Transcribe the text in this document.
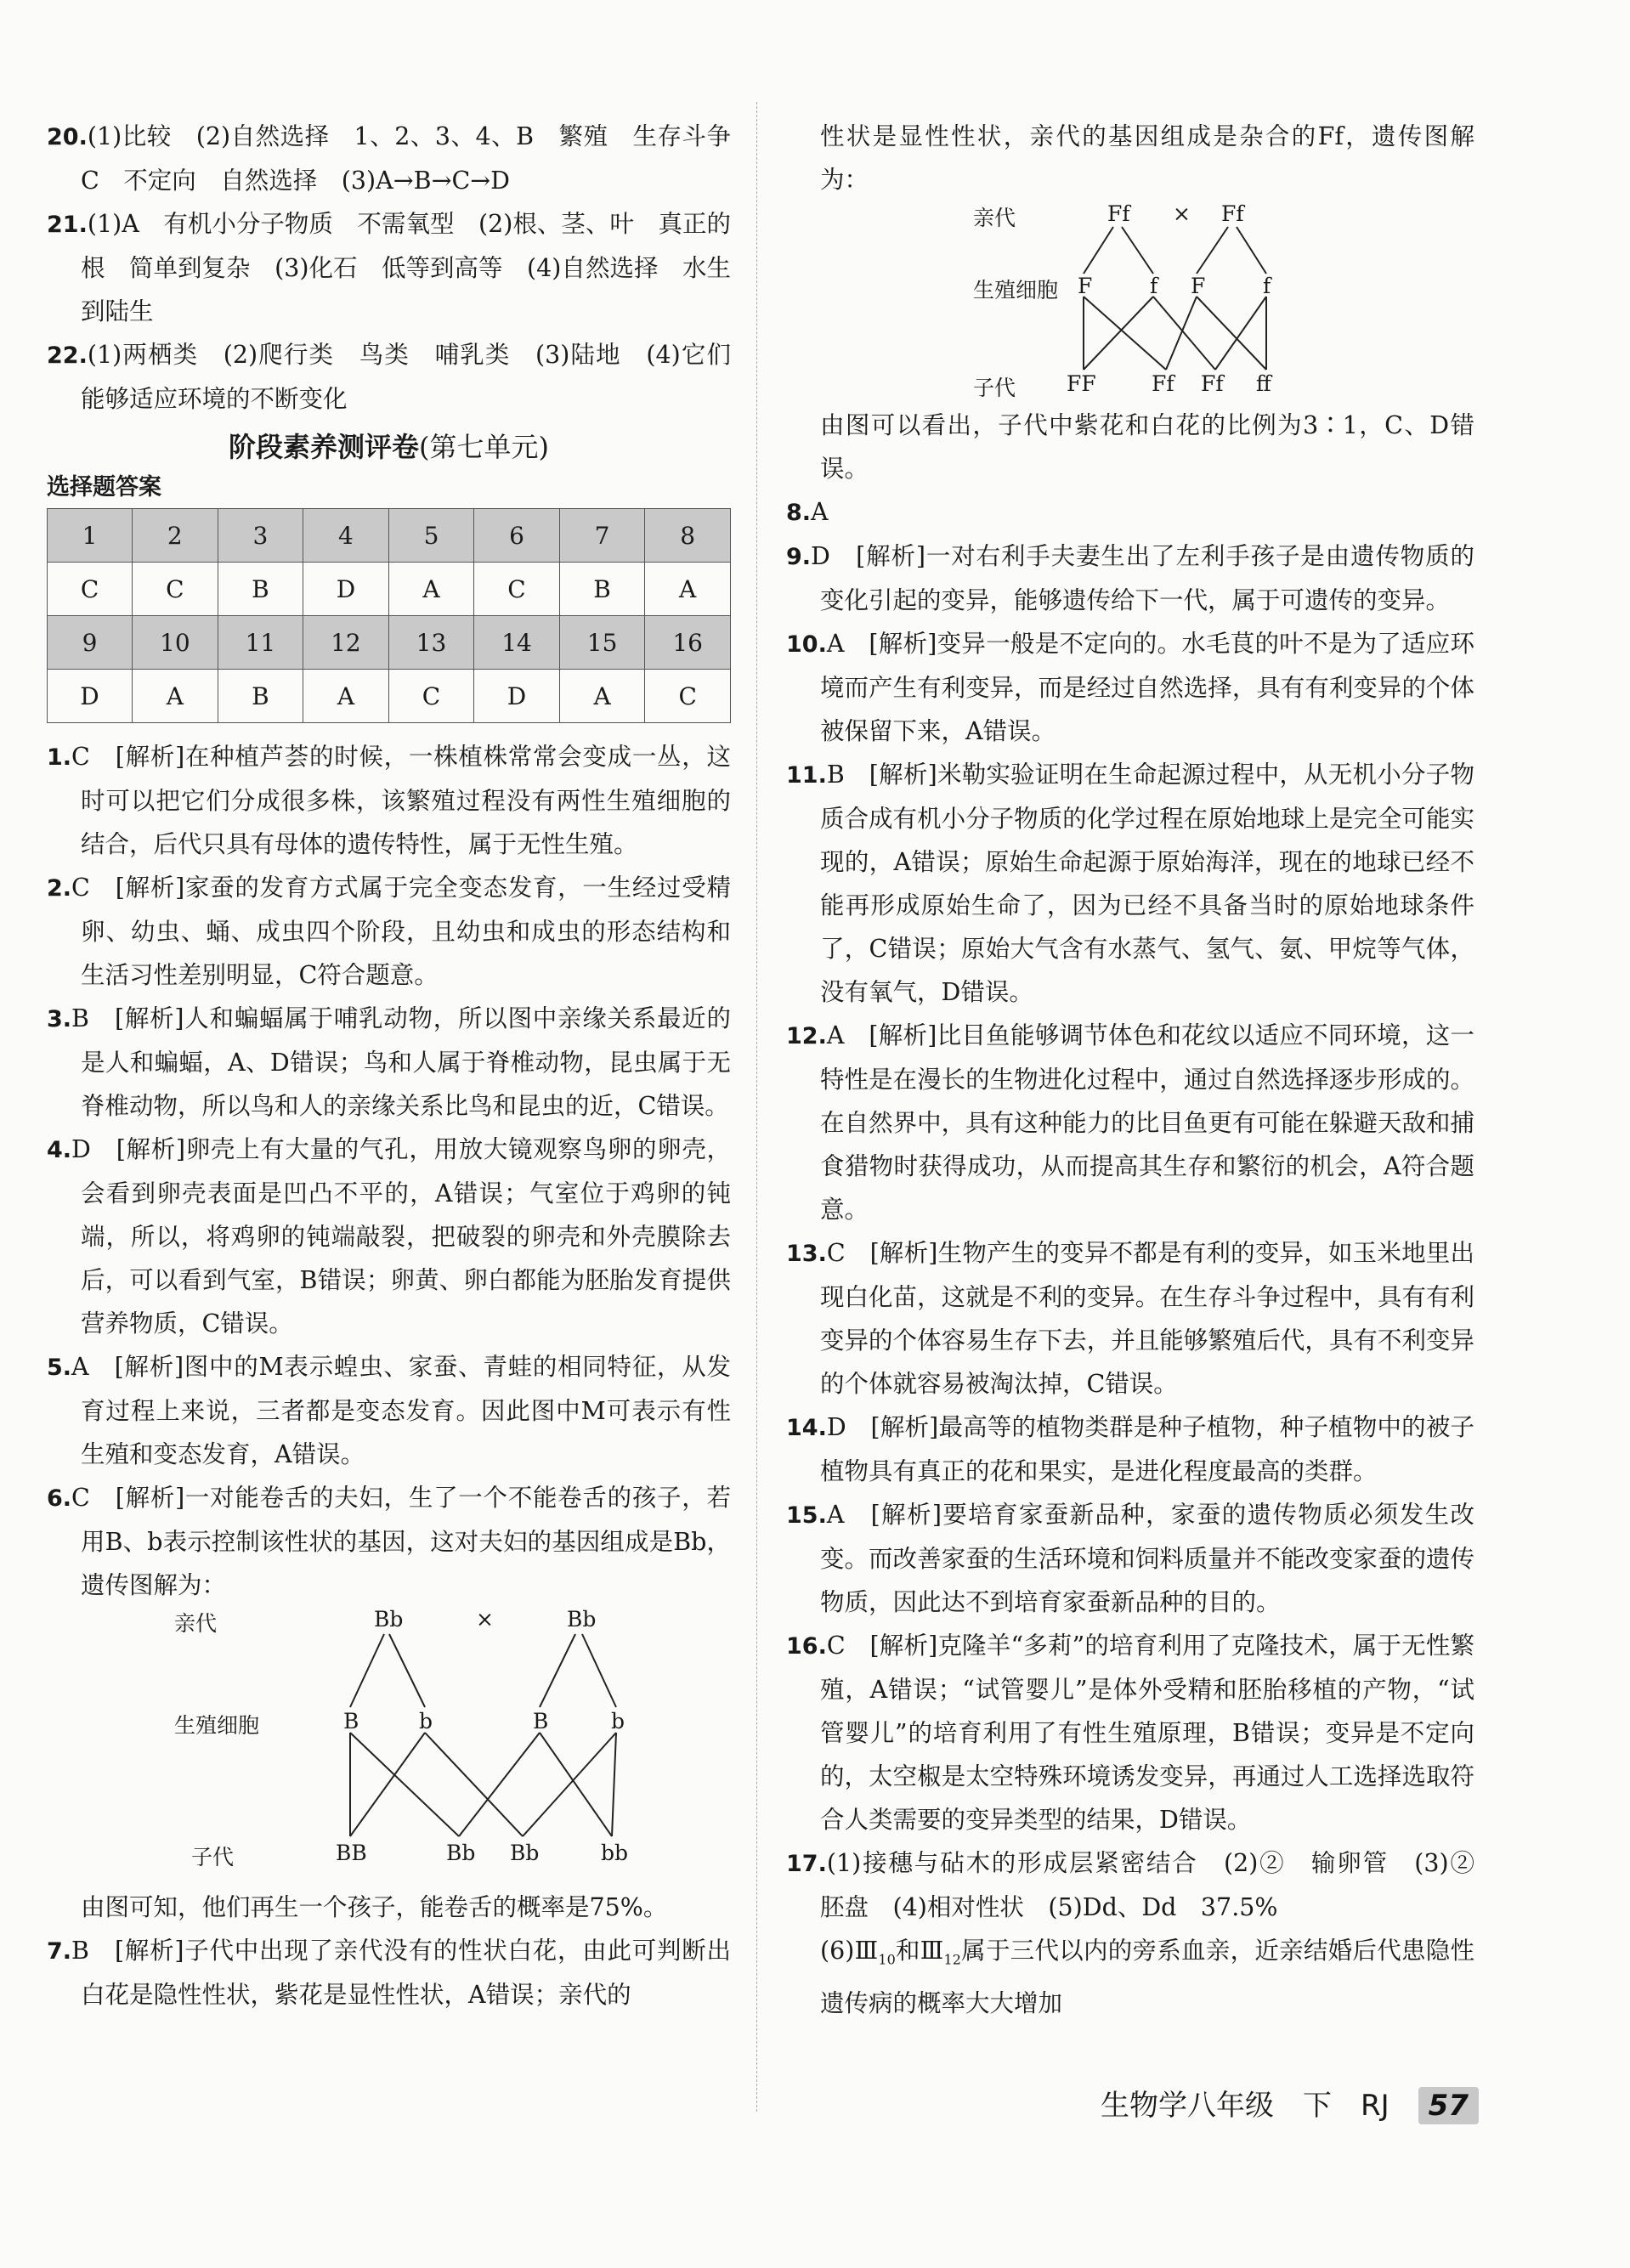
20.(1)比较　(2)自然选择　1、2、3、4、B　繁殖　生存斗争　C　不定向　自然选择　(3)A→B→C→D

21.(1)A　有机小分子物质　不需氧型　(2)根、茎、叶　真正的根　简单到复杂　(3)化石　低等到高等　(4)自然选择　水生到陆生

22.(1)两栖类　(2)爬行类　鸟类　哺乳类　(3)陆地　(4)它们能够适应环境的不断变化

阶段素养测评卷(第七单元)
选择题答案
1	2	3	4	5	6	7	8
C	C	B	D	A	C	B	A
9	10	11	12	13	14	15	16
D	A	B	A	C	D	A	C

1.C　[解析]在种植芦荟的时候，一株植株常常会变成一丛，这时可以把它们分成很多株，该繁殖过程没有两性生殖细胞的结合，后代只具有母体的遗传特性，属于无性生殖。

2.C　[解析]家蚕的发育方式属于完全变态发育，一生经过受精卵、幼虫、蛹、成虫四个阶段，且幼虫和成虫的形态结构和生活习性差别明显，C符合题意。

3.B　[解析]人和蝙蝠属于哺乳动物，所以图中亲缘关系最近的是人和蝙蝠，A、D错误；鸟和人属于脊椎动物，昆虫属于无脊椎动物，所以鸟和人的亲缘关系比鸟和昆虫的近，C错误。

4.D　[解析]卵壳上有大量的气孔，用放大镜观察鸟卵的卵壳，会看到卵壳表面是凹凸不平的，A错误；气室位于鸡卵的钝端，所以，将鸡卵的钝端敲裂，把破裂的卵壳和外壳膜除去后，可以看到气室，B错误；卵黄、卵白都能为胚胎发育提供营养物质，C错误。

5.A　[解析]图中的M表示蝗虫、家蚕、青蛙的相同特征，从发育过程上来说，三者都是变态发育。因此图中M可表示有性生殖和变态发育，A错误。

6.C　[解析]一对能卷舌的夫妇，生了一个不能卷舌的孩子，若用B、b表示控制该性状的基因，这对夫妇的基因组成是Bb，遗传图解为：

亲代	Bb	×	Bb
生殖细胞	B	b	B	b
子代	BB	Bb Bb	bb

由图可知，他们再生一个孩子，能卷舌的概率是75%。

7.B　[解析]子代中出现了亲代没有的性状白花，由此可判断出白花是隐性性状，紫花是显性性状，A错误；亲代的

性状是显性性状，亲代的基因组成是杂合的Ff，遗传图解为：

亲代	Ff × Ff
生殖细胞 F	f F	f
子代 FF	Ff Ff ff

由图可以看出，子代中紫花和白花的比例为3∶1，C、D错误。

8.A

9.D　[解析]一对右利手夫妻生出了左利手孩子是由遗传物质的变化引起的变异，能够遗传给下一代，属于可遗传的变异。

10.A　[解析]变异一般是不定向的。水毛茛的叶不是为了适应环境而产生有利变异，而是经过自然选择，具有有利变异的个体被保留下来，A错误。

11.B　[解析]米勒实验证明在生命起源过程中，从无机小分子物质合成有机小分子物质的化学过程在原始地球上是完全可能实现的，A错误；原始生命起源于原始海洋，现在的地球已经不能再形成原始生命了，因为已经不具备当时的原始地球条件了，C错误；原始大气含有水蒸气、氢气、氨、甲烷等气体，没有氧气，D错误。

12.A　[解析]比目鱼能够调节体色和花纹以适应不同环境，这一特性是在漫长的生物进化过程中，通过自然选择逐步形成的。在自然界中，具有这种能力的比目鱼更有可能在躲避天敌和捕食猎物时获得成功，从而提高其生存和繁衍的机会，A符合题意。

13.C　[解析]生物产生的变异不都是有利的变异，如玉米地里出现白化苗，这就是不利的变异。在生存斗争过程中，具有有利变异的个体容易生存下去，并且能够繁殖后代，具有不利变异的个体就容易被淘汰掉，C错误。

14.D　[解析]最高等的植物类群是种子植物，种子植物中的被子植物具有真正的花和果实，是进化程度最高的类群。

15.A　[解析]要培育家蚕新品种，家蚕的遗传物质必须发生改变。而改善家蚕的生活环境和饲料质量并不能改变家蚕的遗传物质，因此达不到培育家蚕新品种的目的。

16.C　[解析]克隆羊“多莉”的培育利用了克隆技术，属于无性繁殖，A错误；“试管婴儿”是体外受精和胚胎移植的产物，“试管婴儿”的培育利用了有性生殖原理，B错误；变异是不定向的，太空椒是太空特殊环境诱发变异，再通过人工选择选取符合人类需要的变异类型的结果，D错误。

17.(1)接穗与砧木的形成层紧密结合　(2)②　输卵管　(3)②　胚盘　(4)相对性状　(5)Dd、Dd　37.5%

$(6)Ⅲ_{10}$和$Ⅲ_{12}$属于三代以内的旁系血亲，近亲结婚后代患隐性遗传病的概率大大增加

生物学八年级　下　RJ 57
